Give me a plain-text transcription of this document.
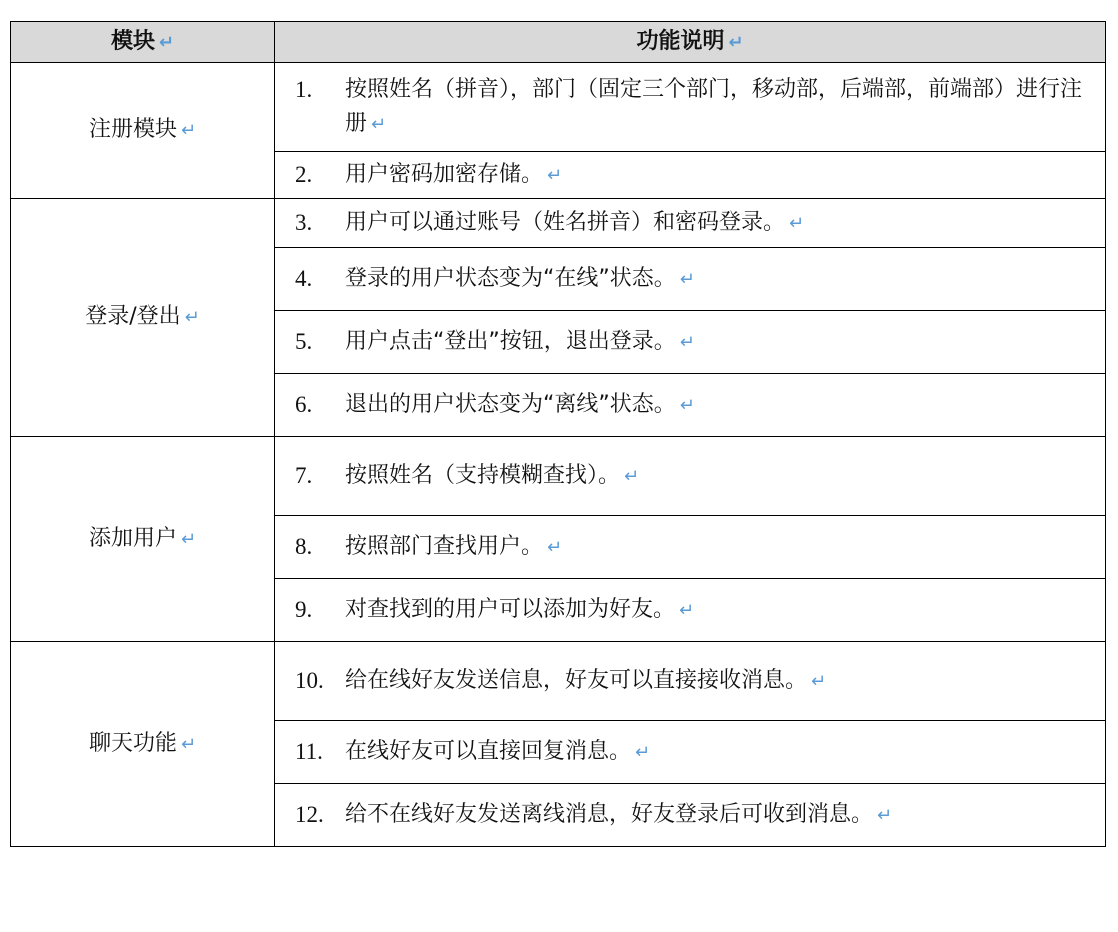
模块 ↵	功能说明 ↵
注册模块 ↵	1. 按照姓名（拼音），部门（固定三个部门，移动部，后端部，前端部）进行注册 ↵

	2. 用户密码加密存储。 ↵

登录/登出 ↵	3. 用户可以通过账号（姓名拼音）和密码登录。 ↵

	4. 登录的用户状态变为“在线”状态。 ↵

	5. 用户点击“登出”按钮，退出登录。 ↵

	6. 退出的用户状态变为“离线”状态。 ↵

添加用户 ↵	7. 按照姓名（支持模糊查找）。 ↵

	8. 按照部门查找用户。 ↵

	9. 对查找到的用户可以添加为好友。 ↵

聊天功能 ↵	10. 给在线好友发送信息，好友可以直接接收消息。 ↵

	11. 在线好友可以直接回复消息。 ↵

	12. 给不在线好友发送离线消息，好友登录后可收到消息。 ↵
